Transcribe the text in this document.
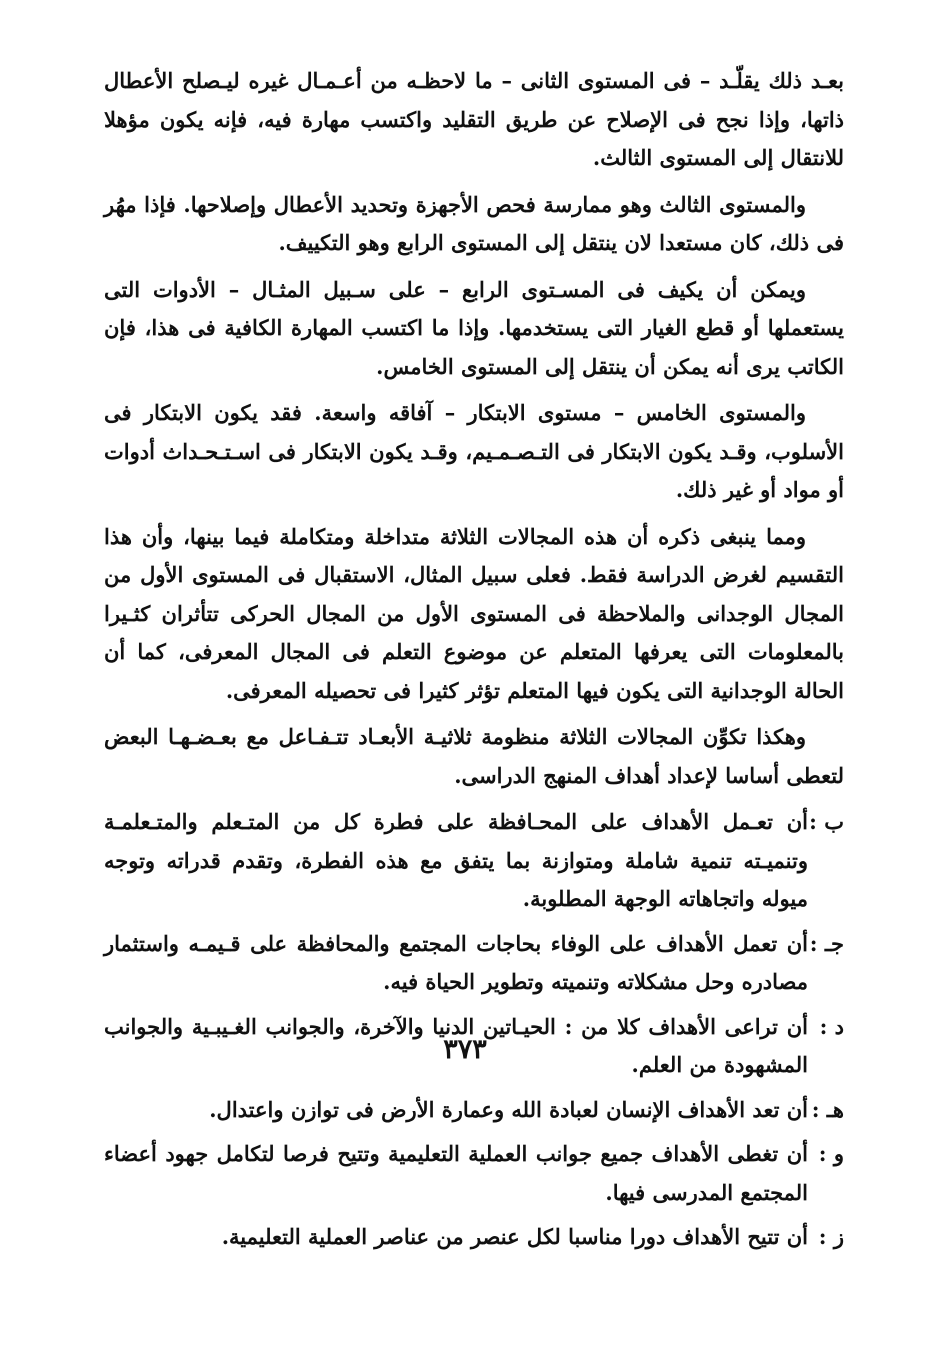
بعـد ذلك يقلّـد – فى المستوى الثانى – ما لاحظـه من أعـمـال غيره ليـصلح الأعطال ذاتها، وإذا نجح فى الإصلاح عن طريق التقليد واكتسب مهارة فيه، فإنه يكون مؤهلا للانتقال إلى المستوى الثالث.

والمستوى الثالث وهو ممارسة فحص الأجهزة وتحديد الأعطال وإصلاحها. فإذا مهُر فى ذلك، كان مستعدا لان ينتقل إلى المستوى الرابع وهو التكييف.

ويمكن أن يكيف فى المسـتوى الرابع – على سـبيل المثـال – الأدوات التى يستعملها أو قطع الغيار التى يستخدمها. وإذا ما اكتسب المهارة الكافية فى هذا، فإن الكاتب يرى أنه يمكن أن ينتقل إلى المستوى الخامس.

والمستوى الخامس – مستوى الابتكار – آفاقه واسعة. فقد يكون الابتكار فى الأسلوب، وقـد يكون الابتكار فى التـصـمـيم، وقـد يكون الابتكار فى اسـتـحـداث أدوات أو مواد أو غير ذلك.

ومما ينبغى ذكره أن هذه المجالات الثلاثة متداخلة ومتكاملة فيما بينها، وأن هذا التقسيم لغرض الدراسة فقط. فعلى سبيل المثال، الاستقبال فى المستوى الأول من المجال الوجدانى والملاحظة فى المستوى الأول من المجال الحركى تتأثران كثـيرا بالمعلومات التى يعرفها المتعلم عن موضوع التعلم فى المجال المعرفى، كما أن الحالة الوجدانية التى يكون فيها المتعلم تؤثر كثيرا فى تحصيله المعرفى.

وهكذا تكوِّن المجالات الثلاثة منظومة ثلاثيـة الأبعـاد تتـفـاعل مع بعـضـهـا البعض لتعطى أساسا لإعداد أهداف المنهج الدراسى.

ب :
أن تعـمل الأهداف على المحـافظة على فطرة كل من المتـعلم والمتـعلمـة وتنميـته تنمية شاملة ومتوازنة بما يتفق مع هذه الفطرة، وتقدم قدراته وتوجه ميوله واتجاهاته الوجهة المطلوبة.
جـ :
أن تعمل الأهداف على الوفاء بحاجات المجتمع والمحافظة على قـيمـه واستثمار مصادره وحل مشكلاته وتنميته وتطوير الحياة فيه.
د :
أن تراعى الأهداف كلا من : الحيـاتين الدنيا والآخرة، والجوانب الغـيبـية والجوانب المشهودة من العلم.
هـ :
أن تعد الأهداف الإنسان لعبادة الله وعمارة الأرض فى توازن واعتدال.
و :
أن تغطى الأهداف جميع جوانب العملية التعليمية وتتيح فرصا لتكامل جهود أعضاء المجتمع المدرسى فيها.
ز :
أن تتيح الأهداف دورا مناسبا لكل عنصر من عناصر العملية التعليمية.
٣٧٣
